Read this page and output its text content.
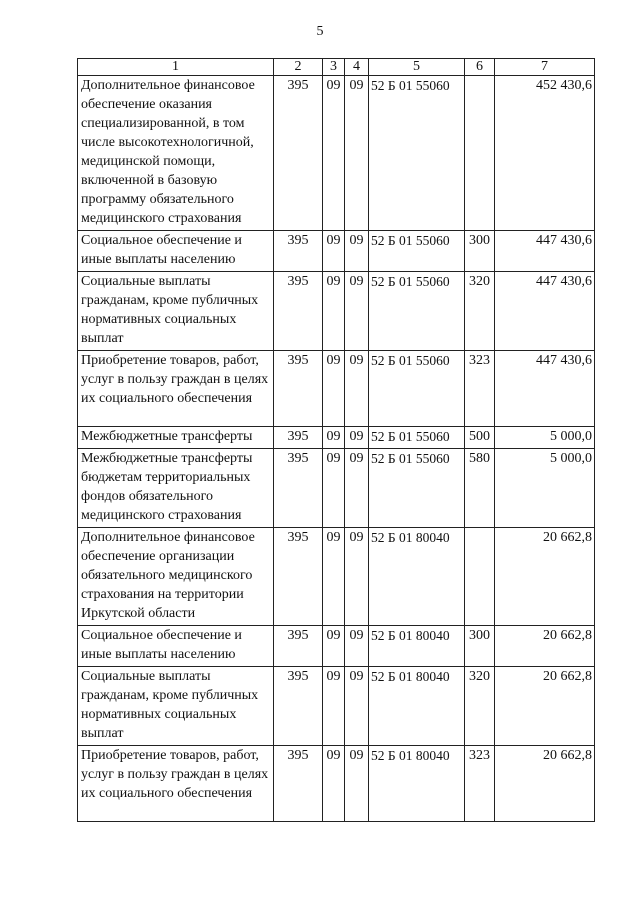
5
1	2	3	4	5	6	7
Дополнительное финансовое обеспечение оказания специализированной, в том числе высокотехнологичной, медицинской помощи, включенной в базовую программу обязательного медицинского страхования	395	09	09	52 Б 01 55060		452 430,6
Социальное обеспечение и иные выплаты населению	395	09	09	52 Б 01 55060	300	447 430,6
Социальные выплаты гражданам, кроме публичных нормативных социальных выплат	395	09	09	52 Б 01 55060	320	447 430,6
Приобретение товаров, работ, услуг в пользу граждан в целях их социального обеспечения	395	09	09	52 Б 01 55060	323	447 430,6
Межбюджетные трансферты	395	09	09	52 Б 01 55060	500	5 000,0
Межбюджетные трансферты бюджетам территориальных фондов обязательного медицинского страхования	395	09	09	52 Б 01 55060	580	5 000,0
Дополнительное финансовое обеспечение организации обязательного медицинского страхования на территории Иркутской области	395	09	09	52 Б 01 80040		20 662,8
Социальное обеспечение и иные выплаты населению	395	09	09	52 Б 01 80040	300	20 662,8
Социальные выплаты гражданам, кроме публичных нормативных социальных выплат	395	09	09	52 Б 01 80040	320	20 662,8
Приобретение товаров, работ, услуг в пользу граждан в целях их социального обеспечения	395	09	09	52 Б 01 80040	323	20 662,8
